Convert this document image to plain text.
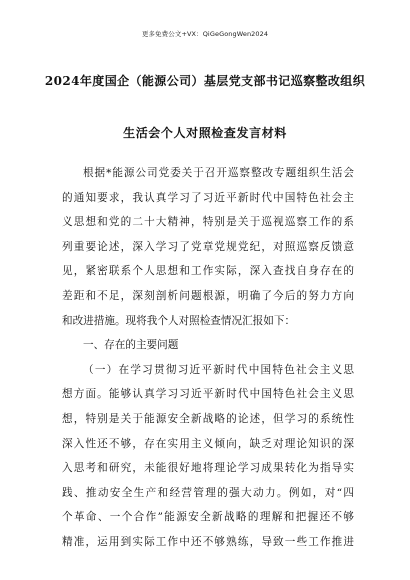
更多免费公文+VX：QiGeGongWen2024
2024年度国企（能源公司）基层党支部书记巡察整改组织
生活会个人对照检查发言材料
根据*能源公司党委关于召开巡察整改专题组织生活会
的通知要求，我认真学习了习近平新时代中国特色社会主
义思想和党的二十大精神，特别是关于巡视巡察工作的系
列重要论述，深入学习了党章党规党纪，对照巡察反馈意
见，紧密联系个人思想和工作实际，深入查找自身存在的
差距和不足，深刻剖析问题根源，明确了今后的努力方向
和改进措施。现将我个人对照检查情况汇报如下：
一、存在的主要问题
（一）在学习贯彻习近平新时代中国特色社会主义思
想方面。能够认真学习习近平新时代中国特色社会主义思
想，特别是关于能源安全新战略的论述，但学习的系统性
深入性还不够，存在实用主义倾向，缺乏对理论知识的深
入思考和研究，未能很好地将理论学习成果转化为指导实
践、推动安全生产和经营管理的强大动力。例如，对“四
个革命、一个合作”能源安全新战略的理解和把握还不够
精准，运用到实际工作中还不够熟练，导致一些工作推进
